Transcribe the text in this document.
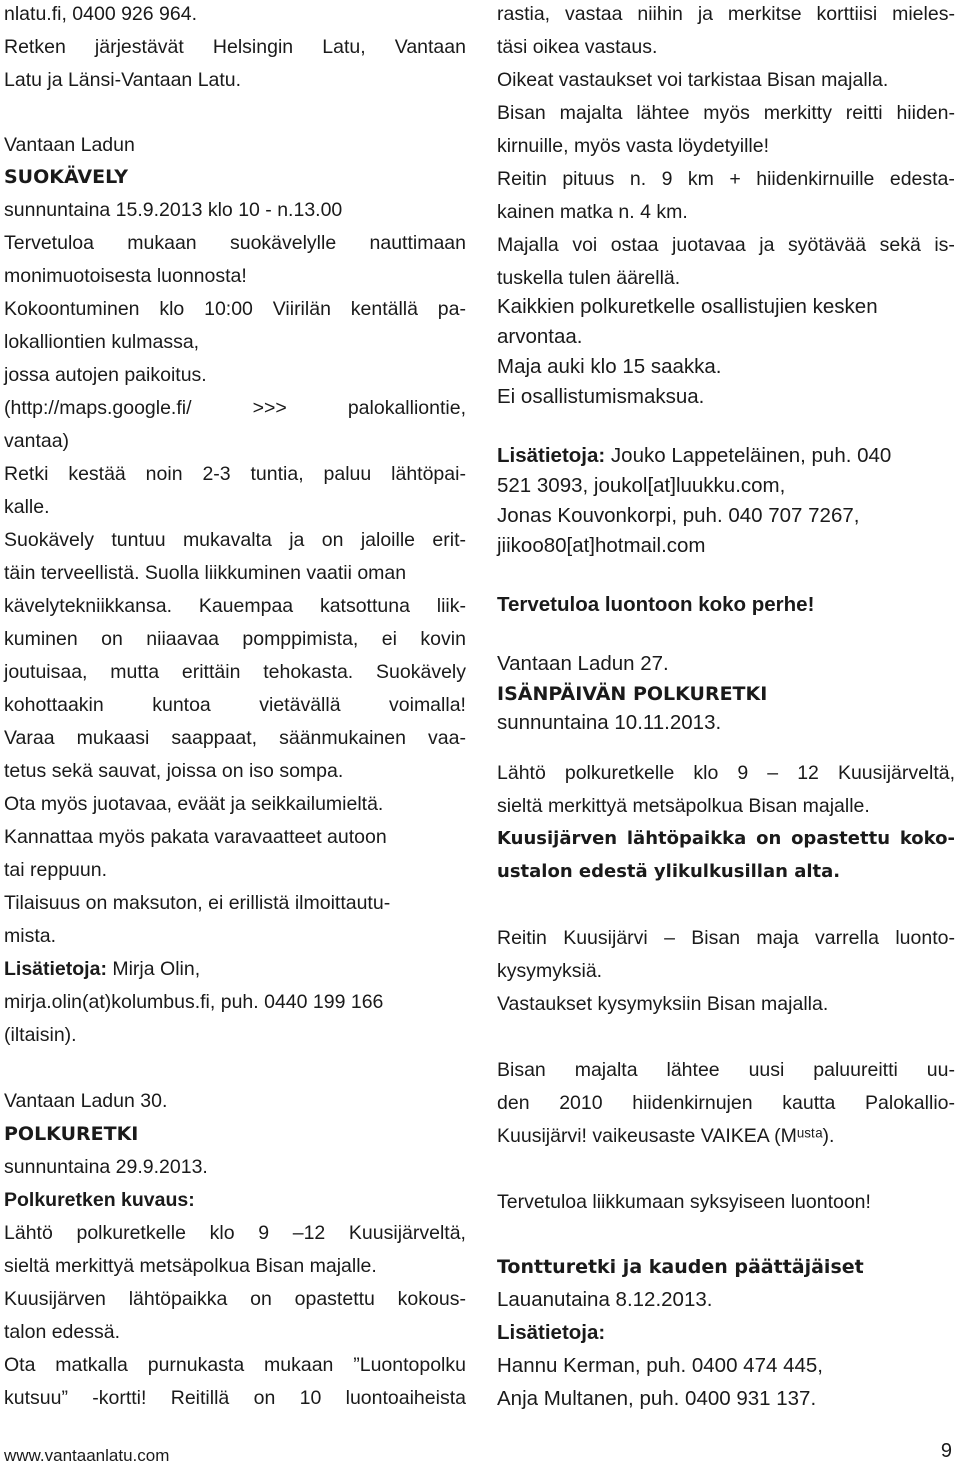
nlatu.fi, 0400 926 964.
Retken järjestävät Helsingin Latu, Vantaan
Latu ja Länsi-Vantaan Latu.
Vantaan Ladun
SUOKÄVELY
sunnuntaina 15.9.2013 klo 10 - n.13.00
Tervetuloa mukaan suokävelylle nauttimaan
monimuotoisesta luonnosta!
Kokoontuminen klo 10:00 Viirilän kentällä pa-
lokalliontien kulmassa,
jossa autojen paikoitus.
(http://maps.google.fi/	>>>	palokalliontie,
vantaa)
Retki kestää noin 2-3 tuntia, paluu lähtöpai-
kalle.
Suokävely tuntuu mukavalta ja on jaloille erit-
täin terveellistä. Suolla liikkuminen vaatii oman
kävelytekniikkansa. Kauempaa katsottuna liik-
kuminen on niiaavaa pomppimista, ei kovin
joutuisaa, mutta erittäin tehokasta. Suokävely
kohottaakin kuntoa vietävällä voimalla!
Varaa mukaasi saappaat, säänmukainen vaa-
tetus sekä sauvat, joissa on iso sompa.
Ota myös juotavaa, eväät ja seikkailumieltä.
Kannattaa myös pakata varavaatteet autoon
tai reppuun.
Tilaisuus on maksuton, ei erillistä ilmoittautu-
mista.
Lisätietoja: Mirja Olin,
mirja.olin(at)kolumbus.fi, puh. 0440 199 166
(iltaisin).
Vantaan Ladun 30.
POLKURETKI
sunnuntaina 29.9.2013.
Polkuretken kuvaus:
Lähtö polkuretkelle klo 9 –12 Kuusijärveltä,
sieltä merkittyä metsäpolkua Bisan majalle.
Kuusijärven lähtöpaikka on opastettu kokous-
talon edessä.
Ota matkalla purnukasta mukaan ”Luontopolku
kutsuu” -kortti! Reitillä on 10 luontoaiheista
rastia, vastaa niihin ja merkitse korttiisi mieles-
täsi oikea vastaus.
Oikeat vastaukset voi tarkistaa Bisan majalla.
Bisan majalta lähtee myös merkitty reitti hiiden-
kirnuille, myös vasta löydetyille!
Reitin pituus n. 9 km + hiidenkirnuille edesta-
kainen matka n. 4 km.
Majalla voi ostaa juotavaa ja syötävää sekä is-
tuskella tulen äärellä.
Kaikkien polkuretkelle osallistujien kesken
arvontaa.
Maja auki klo 15 saakka.
Ei osallistumismaksua.
Lisätietoja: Jouko Lappeteläinen, puh. 040
521 3093, joukol[at]luukku.com,
Jonas Kouvonkorpi, puh. 040 707 7267,
jiikoo80[at]hotmail.com
Tervetuloa luontoon koko perhe!
Vantaan Ladun 27.
ISÄNPÄIVÄN POLKURETKI
sunnuntaina 10.11.2013.
Lähtö polkuretkelle klo 9 – 12 Kuusijärveltä,
sieltä merkittyä metsäpolkua Bisan majalle.
Kuusijärven lähtöpaikka on opastettu koko-
ustalon edestä ylikulkusillan alta.
Reitin Kuusijärvi – Bisan maja varrella luonto-
kysymyksiä.
Vastaukset kysymyksiin Bisan majalla.
Bisan majalta lähtee uusi paluureitti uu-
den 2010 hiidenkirnujen kautta Palokallio-
Kuusijärvi! vaikeusaste VAIKEA (Mᵘˢᵗᵃ).
Tervetuloa liikkumaan syksyiseen luontoon!
Tontturetki ja kauden päättäjäiset
Lauanutaina 8.12.2013.
Lisätietoja:
Hannu Kerman, puh. 0400 474 445,
Anja Multanen, puh. 0400 931 137.
www.vantaanlatu.com	9
